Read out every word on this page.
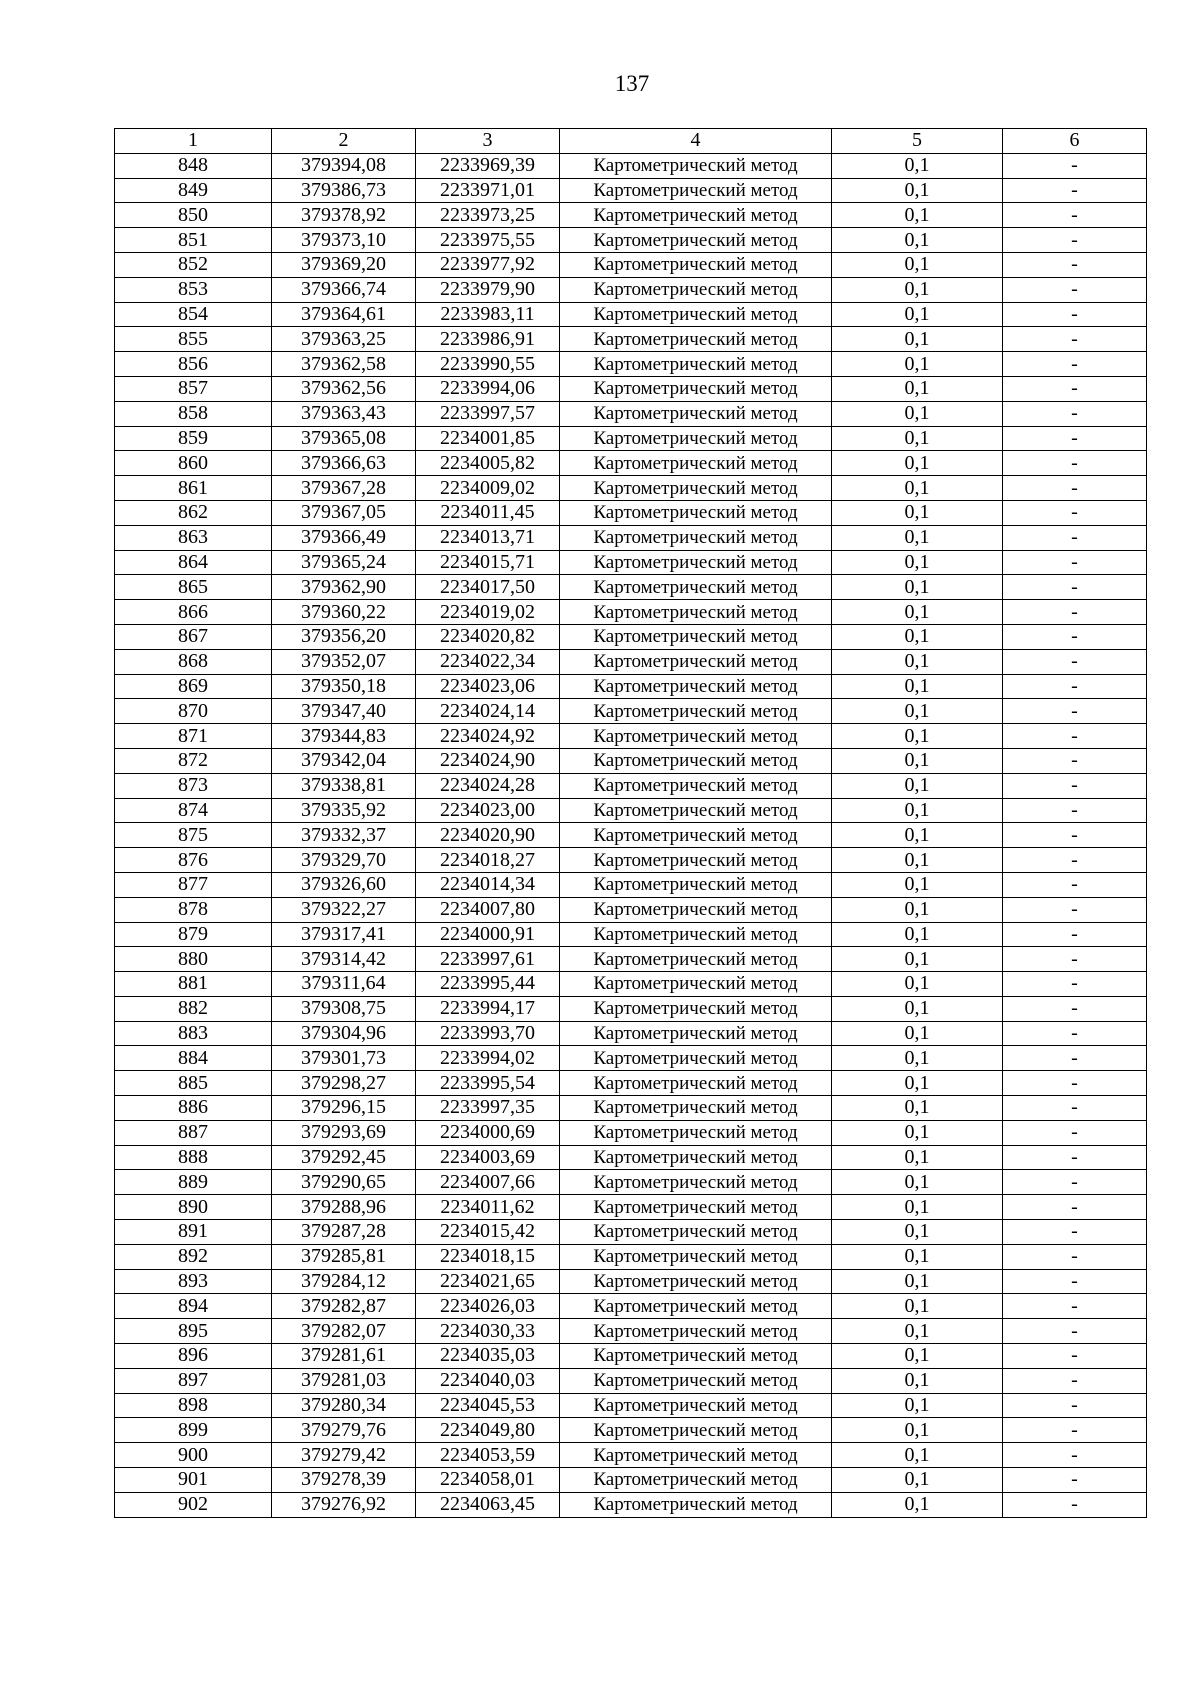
137
1	2	3	4	5	6
848	379394,08	2233969,39	Картометрический метод	0,1	-
849	379386,73	2233971,01	Картометрический метод	0,1	-
850	379378,92	2233973,25	Картометрический метод	0,1	-
851	379373,10	2233975,55	Картометрический метод	0,1	-
852	379369,20	2233977,92	Картометрический метод	0,1	-
853	379366,74	2233979,90	Картометрический метод	0,1	-
854	379364,61	2233983,11	Картометрический метод	0,1	-
855	379363,25	2233986,91	Картометрический метод	0,1	-
856	379362,58	2233990,55	Картометрический метод	0,1	-
857	379362,56	2233994,06	Картометрический метод	0,1	-
858	379363,43	2233997,57	Картометрический метод	0,1	-
859	379365,08	2234001,85	Картометрический метод	0,1	-
860	379366,63	2234005,82	Картометрический метод	0,1	-
861	379367,28	2234009,02	Картометрический метод	0,1	-
862	379367,05	2234011,45	Картометрический метод	0,1	-
863	379366,49	2234013,71	Картометрический метод	0,1	-
864	379365,24	2234015,71	Картометрический метод	0,1	-
865	379362,90	2234017,50	Картометрический метод	0,1	-
866	379360,22	2234019,02	Картометрический метод	0,1	-
867	379356,20	2234020,82	Картометрический метод	0,1	-
868	379352,07	2234022,34	Картометрический метод	0,1	-
869	379350,18	2234023,06	Картометрический метод	0,1	-
870	379347,40	2234024,14	Картометрический метод	0,1	-
871	379344,83	2234024,92	Картометрический метод	0,1	-
872	379342,04	2234024,90	Картометрический метод	0,1	-
873	379338,81	2234024,28	Картометрический метод	0,1	-
874	379335,92	2234023,00	Картометрический метод	0,1	-
875	379332,37	2234020,90	Картометрический метод	0,1	-
876	379329,70	2234018,27	Картометрический метод	0,1	-
877	379326,60	2234014,34	Картометрический метод	0,1	-
878	379322,27	2234007,80	Картометрический метод	0,1	-
879	379317,41	2234000,91	Картометрический метод	0,1	-
880	379314,42	2233997,61	Картометрический метод	0,1	-
881	379311,64	2233995,44	Картометрический метод	0,1	-
882	379308,75	2233994,17	Картометрический метод	0,1	-
883	379304,96	2233993,70	Картометрический метод	0,1	-
884	379301,73	2233994,02	Картометрический метод	0,1	-
885	379298,27	2233995,54	Картометрический метод	0,1	-
886	379296,15	2233997,35	Картометрический метод	0,1	-
887	379293,69	2234000,69	Картометрический метод	0,1	-
888	379292,45	2234003,69	Картометрический метод	0,1	-
889	379290,65	2234007,66	Картометрический метод	0,1	-
890	379288,96	2234011,62	Картометрический метод	0,1	-
891	379287,28	2234015,42	Картометрический метод	0,1	-
892	379285,81	2234018,15	Картометрический метод	0,1	-
893	379284,12	2234021,65	Картометрический метод	0,1	-
894	379282,87	2234026,03	Картометрический метод	0,1	-
895	379282,07	2234030,33	Картометрический метод	0,1	-
896	379281,61	2234035,03	Картометрический метод	0,1	-
897	379281,03	2234040,03	Картометрический метод	0,1	-
898	379280,34	2234045,53	Картометрический метод	0,1	-
899	379279,76	2234049,80	Картометрический метод	0,1	-
900	379279,42	2234053,59	Картометрический метод	0,1	-
901	379278,39	2234058,01	Картометрический метод	0,1	-
902	379276,92	2234063,45	Картометрический метод	0,1	-
